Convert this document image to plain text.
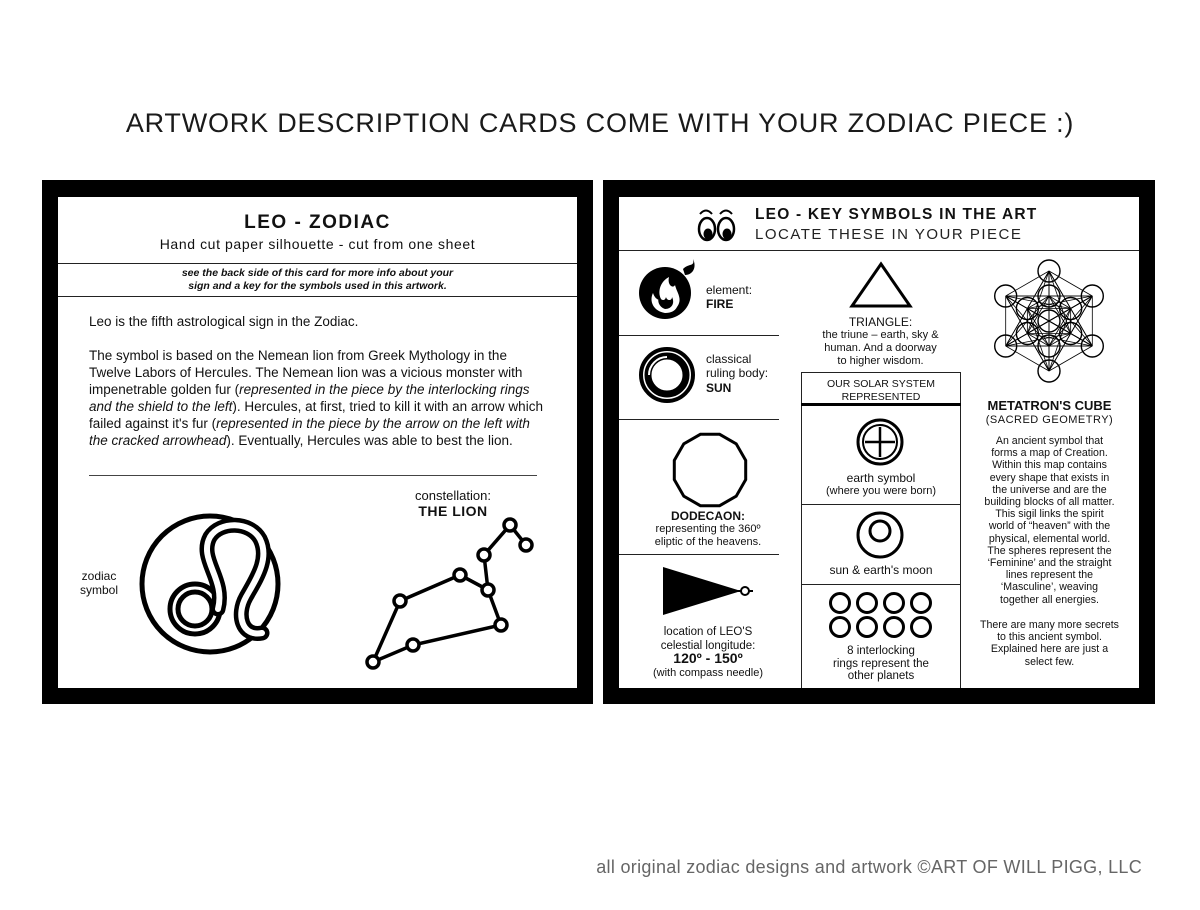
ARTWORK DESCRIPTION CARDS COME WITH YOUR ZODIAC PIECE :)
LEO - ZODIAC
Hand cut paper silhouette - cut from one sheet
see the back side of this card for more info about your
sign and a key for the symbols used in this artwork.
Leo is the fifth astrological sign in the Zodiac.
The symbol is based on the Nemean lion from Greek Mythology in the Twelve Labors of Hercules. The Nemean lion was a vicious monster with impenetrable golden fur (represented in the piece by the interlocking rings and the shield to the left). Hercules, at first, tried to kill it with an arrow which failed against it's fur (represented in the piece by the arrow on the left with the cracked arrowhead). Eventually, Hercules was able to best the lion.
zodiac
symbol
constellation:
THE LION
LEO - KEY SYMBOLS IN THE ART
LOCATE THESE IN YOUR PIECE
element:
FIRE
classical
ruling body:
SUN
DODECAON:
representing the 360º
eliptic of the heavens.
location of LEO'S
celestial longitude:
120º - 150º
(with compass needle)
TRIANGLE:
the triune – earth, sky &
human. And a doorway
to higher wisdom.
OUR SOLAR SYSTEM
REPRESENTED
earth symbol
(where you were born)
sun & earth's moon
8 interlocking
rings represent the
other planets
METATRON'S CUBE
(SACRED GEOMETRY)
An ancient symbol that
forms a map of Creation.
Within this map contains
every shape that exists in
the universe and are the
building blocks of all matter.
This sigil links the spirit
world of “heaven” with the
physical, elemental world.
The spheres represent the
‘Feminine’ and the straight
lines represent the
‘Masculine’, weaving
together all energies.
There are many more secrets
to this ancient symbol.
Explained here are just a
select few.
all original zodiac designs and artwork ©ART OF WILL PIGG, LLC
